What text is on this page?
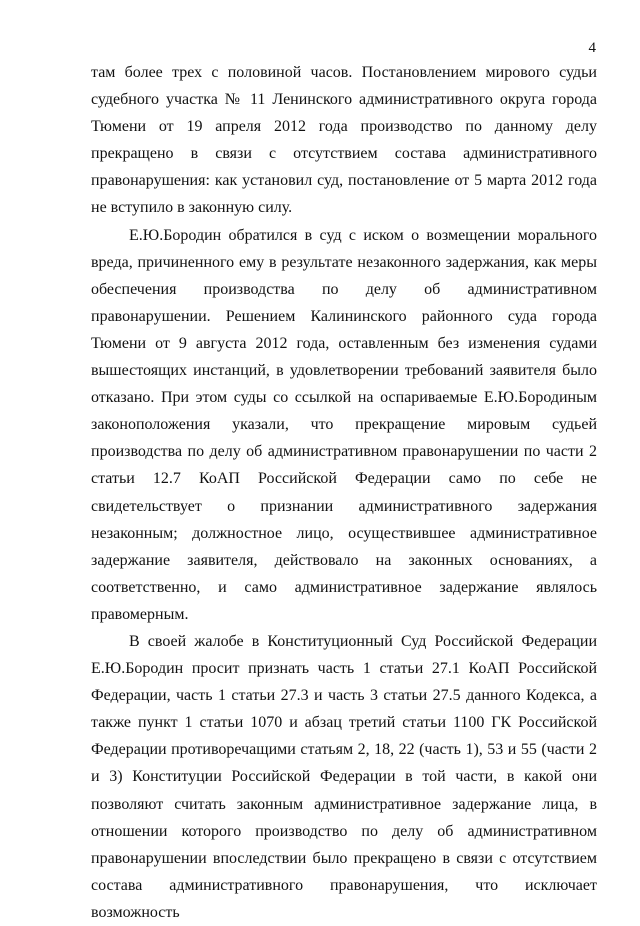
4

там более трех с половиной часов. Постановлением мирового судьи судебного участка № 11 Ленинского административного округа города Тюмени от 19 апреля 2012 года производство по данному делу прекращено в связи с отсутствием состава административного правонарушения: как установил суд, постановление от 5 марта 2012 года не вступило в законную силу.

Е.Ю.Бородин обратился в суд с иском о возмещении морального вреда, причиненного ему в результате незаконного задержания, как меры обеспечения производства по делу об административном правонарушении. Решением Калининского районного суда города Тюмени от 9 августа 2012 года, оставленным без изменения судами вышестоящих инстанций, в удовлетворении требований заявителя было отказано. При этом суды со ссылкой на оспариваемые Е.Ю.Бородиным законоположения указали, что прекращение мировым судьей производства по делу об административном правонарушении по части 2 статьи 12.7 КоАП Российской Федерации само по себе не свидетельствует о признании административного задержания незаконным; должностное лицо, осуществившее административное задержание заявителя, действовало на законных основаниях, а соответственно, и само административное задержание являлось правомерным.

В своей жалобе в Конституционный Суд Российской Федерации Е.Ю.Бородин просит признать часть 1 статьи 27.1 КоАП Российской Федерации, часть 1 статьи 27.3 и часть 3 статьи 27.5 данного Кодекса, а также пункт 1 статьи 1070 и абзац третий статьи 1100 ГК Российской Федерации противоречащими статьям 2, 18, 22 (часть 1), 53 и 55 (части 2 и 3) Конституции Российской Федерации в той части, в какой они позволяют считать законным административное задержание лица, в отношении которого производство по делу об административном правонарушении впоследствии было прекращено в связи с отсутствием состава административного правонарушения, что исключает возможность
